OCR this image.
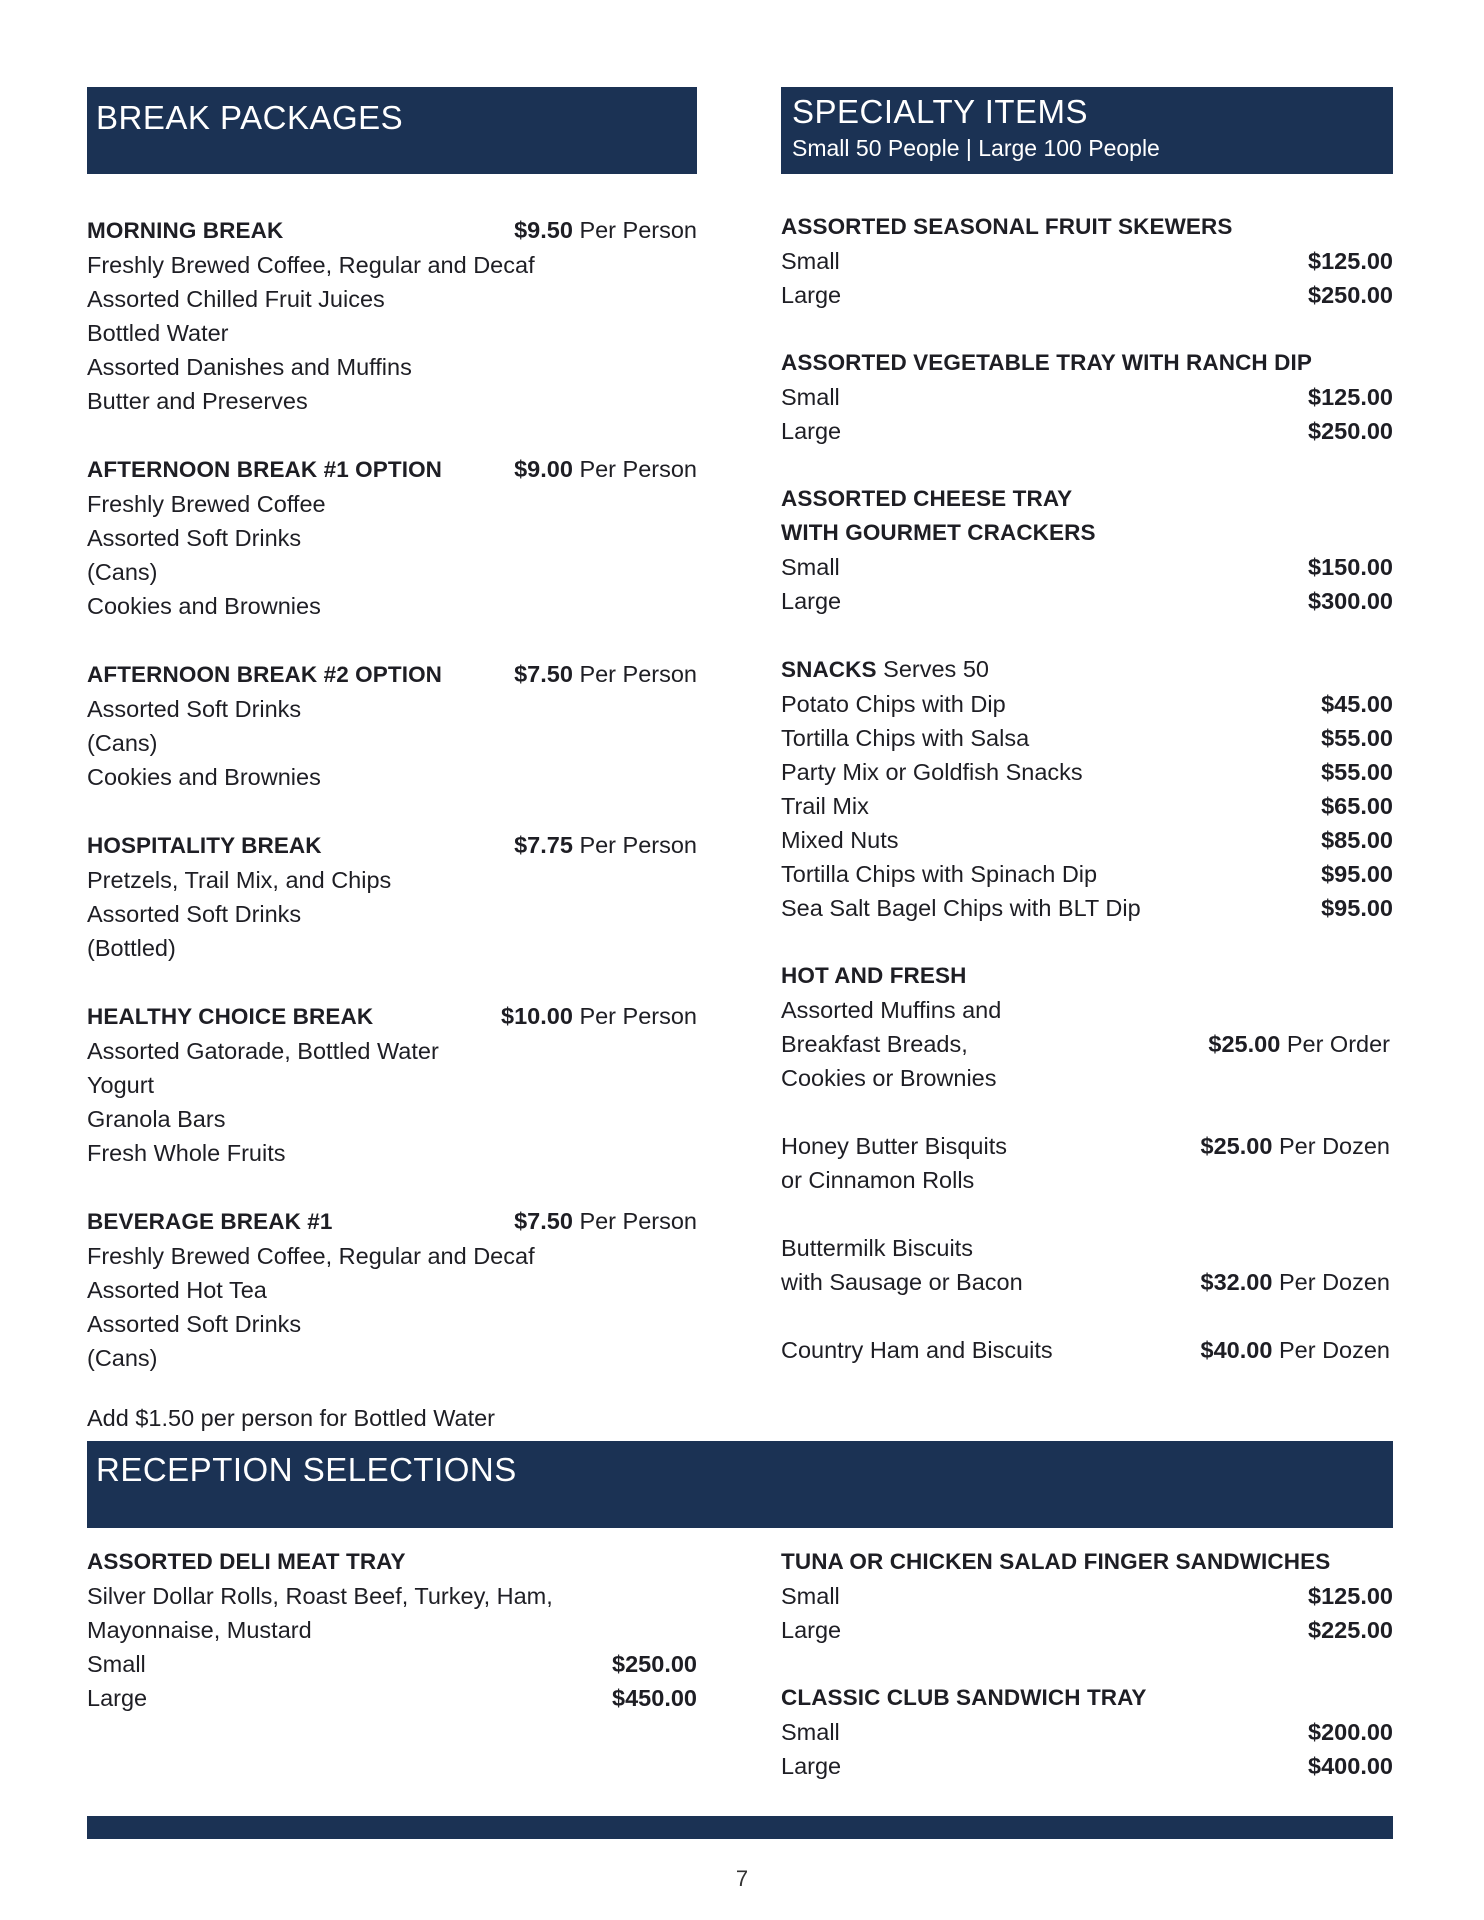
BREAK PACKAGES	SPECIALTY ITEMS
Small 50 People | Large 100 People
MORNING BREAK	$9.50 Per Person
Freshly Brewed Coffee, Regular and Decaf
Assorted Chilled Fruit Juices
Bottled Water
Assorted Danishes and Muffins
Butter and Preserves
AFTERNOON BREAK #1 OPTION	$9.00 Per Person
Freshly Brewed Coffee
Assorted Soft Drinks
(Cans)
Cookies and Brownies
AFTERNOON BREAK #2 OPTION	$7.50 Per Person
Assorted Soft Drinks
(Cans)
Cookies and Brownies
HOSPITALITY BREAK	$7.75 Per Person
Pretzels, Trail Mix, and Chips
Assorted Soft Drinks
(Bottled)
HEALTHY CHOICE BREAK	$10.00 Per Person
Assorted Gatorade, Bottled Water
Yogurt
Granola Bars
Fresh Whole Fruits
BEVERAGE BREAK #1	$7.50 Per Person
Freshly Brewed Coffee, Regular and Decaf
Assorted Hot Tea
Assorted Soft Drinks
(Cans)
Add $1.50 per person for Bottled Water
ASSORTED SEASONAL FRUIT SKEWERS
Small	$125.00
Large	$250.00
ASSORTED VEGETABLE TRAY WITH RANCH DIP
Small	$125.00
Large	$250.00
ASSORTED CHEESE TRAY
WITH GOURMET CRACKERS
Small	$150.00
Large	$300.00
SNACKS Serves 50
Potato Chips with Dip	$45.00
Tortilla Chips with Salsa	$55.00
Party Mix or Goldfish Snacks	$55.00
Trail Mix	$65.00
Mixed Nuts	$85.00
Tortilla Chips with Spinach Dip	$95.00
Sea Salt Bagel Chips with BLT Dip	$95.00
HOT AND FRESH
Assorted Muffins and
Breakfast Breads,
Cookies or Brownies
$25.00 Per Order
Honey Butter Bisquits	$25.00 Per Dozen
or Cinnamon Rolls
Buttermilk Biscuits
with Sausage or Bacon	$32.00 Per Dozen
Country Ham and Biscuits	$40.00 Per Dozen
RECEPTION SELECTIONS
ASSORTED DELI MEAT TRAY
Silver Dollar Rolls, Roast Beef, Turkey, Ham,
Mayonnaise, Mustard
Small	$250.00
Large	$450.00
TUNA OR CHICKEN SALAD FINGER SANDWICHES
Small	$125.00
Large	$225.00
CLASSIC CLUB SANDWICH TRAY
Small	$200.00
Large	$400.00
7
